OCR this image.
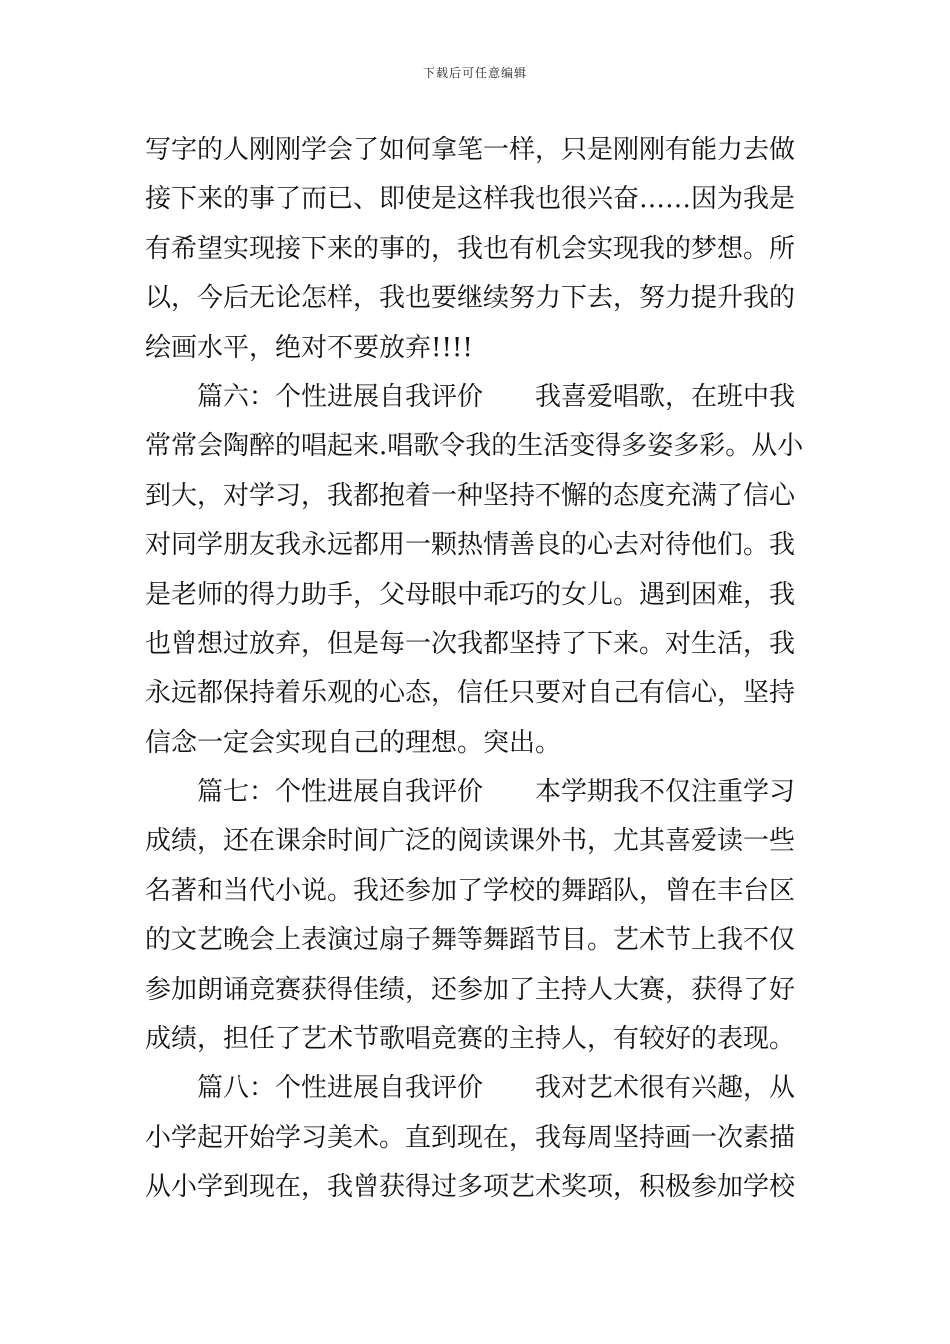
下载后可任意编辑
写字的人刚刚学会了如何拿笔一样，只是刚刚有能力去做
接下来的事了而已、即使是这样我也很兴奋……因为我是
有希望实现接下来的事的，我也有机会实现我的梦想。所
以，今后无论怎样，我也要继续努力下去，努力提升我的
绘画水平，绝对不要放弃!!!!
　　篇六：个性进展自我评价　　我喜爱唱歌，在班中我
常常会陶醉的唱起来.唱歌令我的生活变得多姿多彩。从小
到大，对学习，我都抱着一种坚持不懈的态度充满了信心
对同学朋友我永远都用一颗热情善良的心去对待他们。我
是老师的得力助手，父母眼中乖巧的女儿。遇到困难，我
也曾想过放弃，但是每一次我都坚持了下来。对生活，我
永远都保持着乐观的心态，信任只要对自己有信心，坚持
信念一定会实现自己的理想。突出。
　　篇七：个性进展自我评价　　本学期我不仅注重学习
成绩，还在课余时间广泛的阅读课外书，尤其喜爱读一些
名著和当代小说。我还参加了学校的舞蹈队，曾在丰台区
的文艺晚会上表演过扇子舞等舞蹈节目。艺术节上我不仅
参加朗诵竞赛获得佳绩，还参加了主持人大赛，获得了好
成绩，担任了艺术节歌唱竞赛的主持人，有较好的表现。
　　篇八：个性进展自我评价　　我对艺术很有兴趣，从
小学起开始学习美术。直到现在，我每周坚持画一次素描
从小学到现在，我曾获得过多项艺术奖项，积极参加学校
